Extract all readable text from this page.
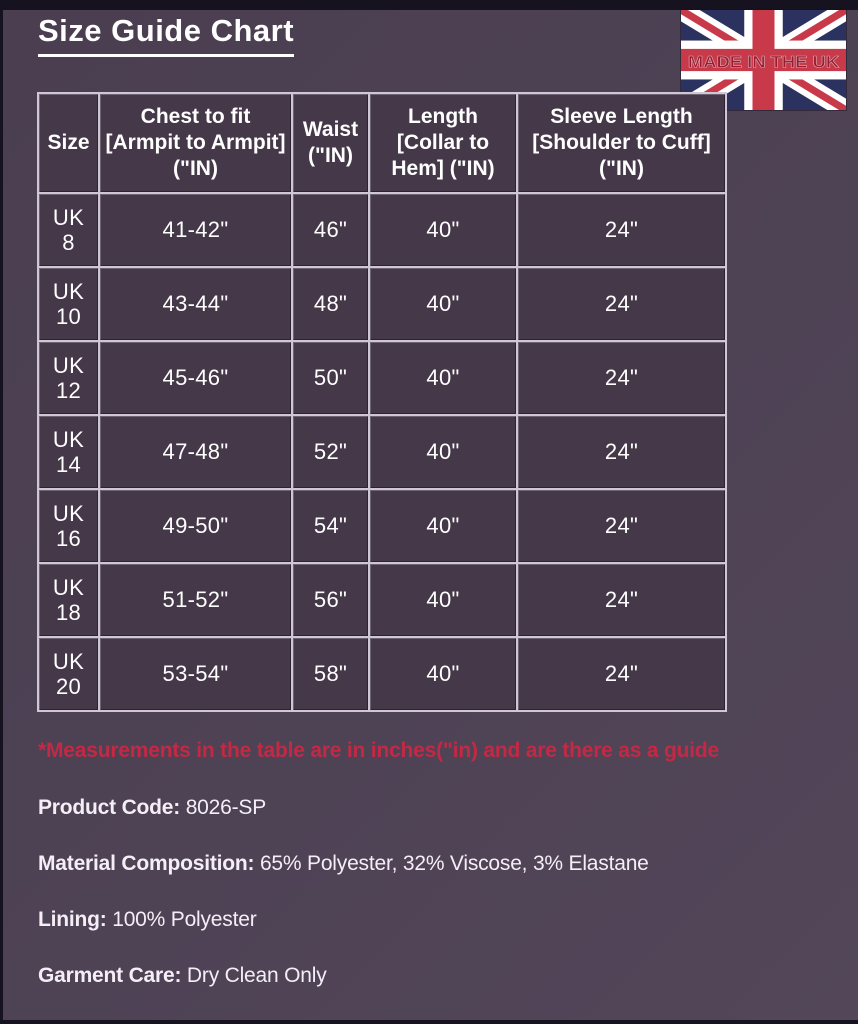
Size Guide Chart
MADE IN THE UK
Size	Chest to fit [Armpit to Armpit] ("IN)	Waist ("IN)	Length [Collar to Hem] ("IN)	Sleeve Length [Shoulder to Cuff] ("IN)
UK 8	41-42"	46"	40"	24"
UK 10	43-44"	48"	40"	24"
UK 12	45-46"	50"	40"	24"
UK 14	47-48"	52"	40"	24"
UK 16	49-50"	54"	40"	24"
UK 18	51-52"	56"	40"	24"
UK 20	53-54"	58"	40"	24"
*Measurements in the table are in inches("in) and are there as a guide

Product Code: 8026-SP

Material Composition: 65% Polyester, 32% Viscose, 3% Elastane

Lining: 100% Polyester

Garment Care: Dry Clean Only
